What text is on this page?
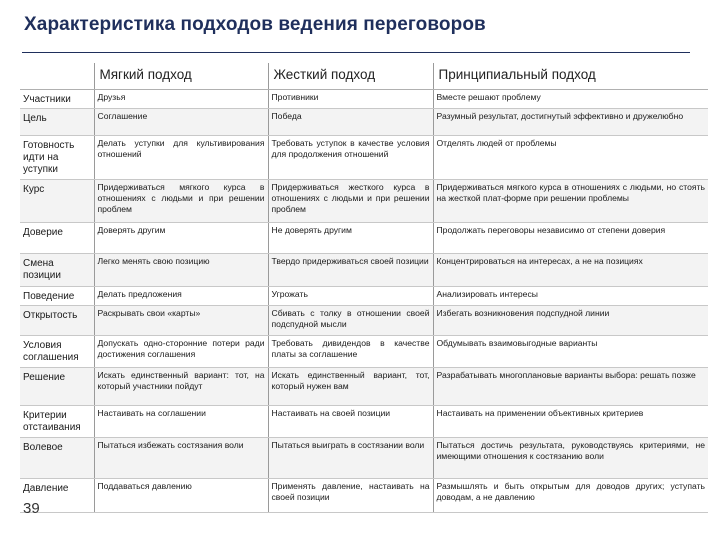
Характеристика подходов ведения переговоров
	Мягкий подход	Жесткий подход	Принципиальный подход
Участники	Друзья	Противники	Вместе решают проблему
Цель	Соглашение	Победа	Разумный результат, достигнутый эффективно и дружелюбно
Готовность идти на уступки	Делать уступки для культивирования отношений	Требовать уступок в качестве условия для продолжения отношений	Отделять людей от проблемы
Курс	Придерживаться мягкого курса в отношениях с людьми и при решении проблем	Придерживаться жесткого курса в отношениях с людьми и при решении проблем	Придерживаться мягкого курса в отношениях с людьми, но стоять на жесткой плат-форме при решении проблемы
Доверие	Доверять другим	Не доверять другим	Продолжать переговоры независимо от степени доверия
Смена позиции	Легко менять свою позицию	Твердо придерживаться своей позиции	Концентрироваться на интересах, а не на позициях
Поведение	Делать предложения	Угрожать	Анализировать интересы
Открытость	Раскрывать свои «карты»	Сбивать с толку в отношении своей подспудной мысли	Избегать возникновения подспудной линии
Условия соглашения	Допускать одно-сторонние потери ради достижения соглашения	Требовать дивидендов в качестве платы за соглашение	Обдумывать взаимовыгодные варианты
Решение	Искать единственный вариант: тот, на который участники пойдут	Искать единственный вариант, тот, который нужен вам	Разрабатывать многоплановые варианты выбора: решать позже
Критерии отстаивания	Настаивать на соглашении	Настаивать на своей позиции	Настаивать на применении объективных критериев
Волевое	Пытаться избежать состязания воли	Пытаться выиграть в состязании воли	Пытаться достичь результата, руководствуясь критериями, не имеющими отношения к состязанию воли
Давление	Поддаваться давлению	Применять давление, настаивать на своей позиции	Размышлять и быть открытым для доводов других; уступать доводам, а не давлению
39
